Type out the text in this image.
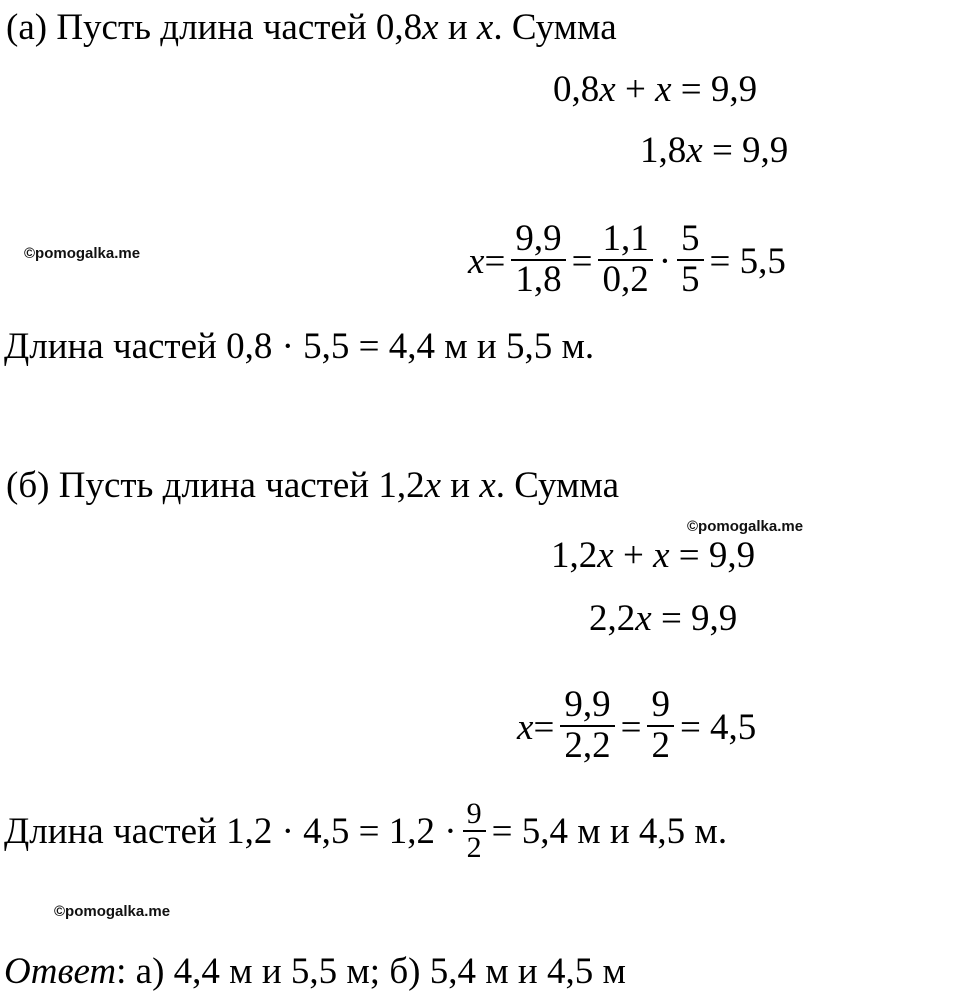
(а) Пусть длина частей 0,8x и x. Сумма
0,8x + x = 9,9
1,8x = 9,9
$x= \frac{9,9}{1,8} = \frac{1,1}{0,2} \cdot \frac{5}{5} = 5,5$
Длина частей 0,8 · 5,5 = 4,4 м и 5,5 м.
(б) Пусть длина частей 1,2x и x. Сумма
1,2x + x = 9,9
2,2x = 9,9
$x= \frac{9,9}{2,2} = \frac{9}{2} = 4,5$
Длина частей $1,2 \cdot 4,5 = 1,2 \cdot \frac{9}{2} = 5,4$ м и 4,5 м.
Ответ: а) 4,4 м и 5,5 м; б) 5,4 м и 4,5 м
©pomogalka.me
©pomogalka.me
©pomogalka.me
